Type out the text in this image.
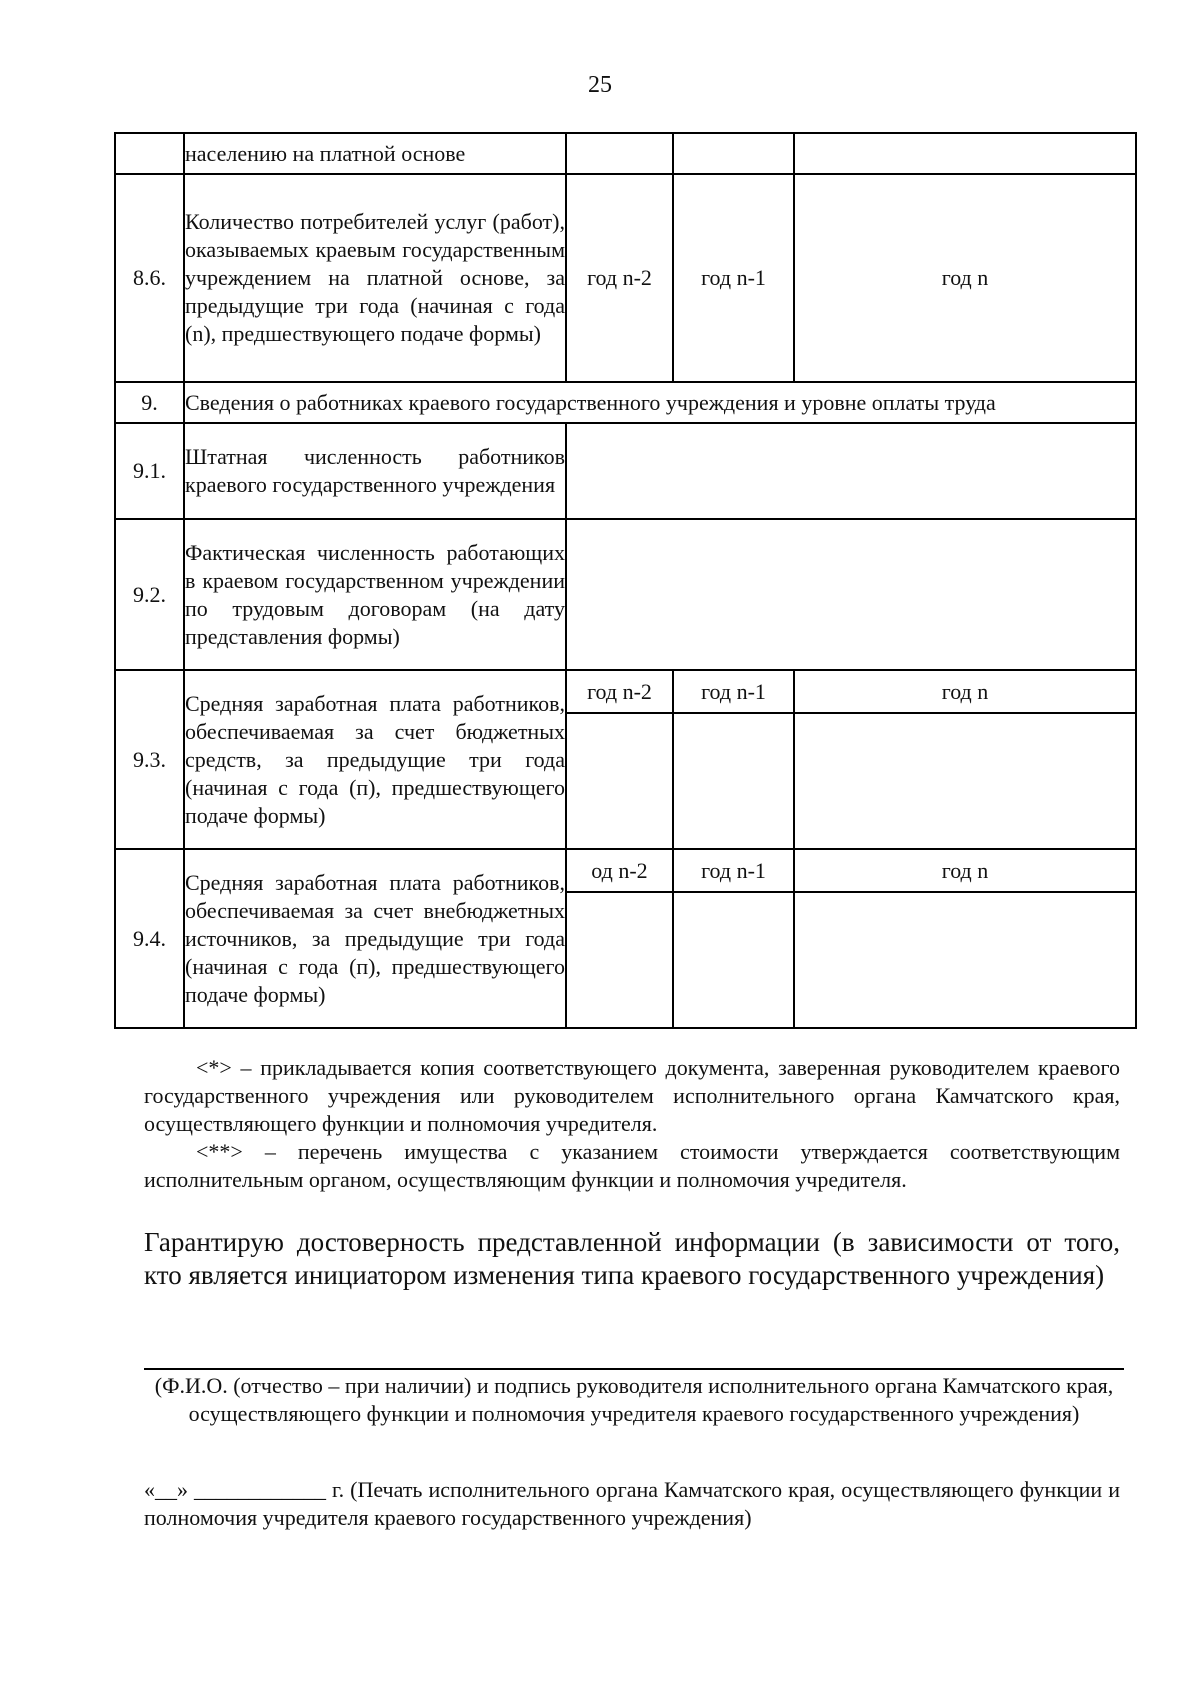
25
	населению на платной основе			
8.6.	Количество потребителей услуг (работ), оказываемых краевым государственным учреждением на платной основе, за предыдущие три года (начиная с года (n), предшествующего подаче формы)	год n-2	год n-1	год n
9.	Сведения о работниках краевого государственного учреждения и уровне оплаты труда			
9.1.	Штатная численность работников краевого государственного учреждения			
9.2.	Фактическая численность работающих в краевом государственном учреждении по трудовым договорам (на дату представления формы)			
9.3.	Средняя заработная плата работников, обеспечиваемая за счет бюджетных средств, за предыдущие три года (начиная с года (п), предшествующего подаче формы)	год n-2	год n-1	год n

9.4.	Средняя заработная плата работников, обеспечиваемая за счет внебюджетных источников, за предыдущие три года (начиная с года (п), предшествующего подаче формы)	од n-2	год n-1	год n

<*> – прикладывается копия соответствующего документа, заверенная руководителем краевого государственного учреждения или руководителем исполнительного органа Камчатского края, осуществляющего функции и полномочия учредителя.

<**> – перечень имущества с указанием стоимости утверждается соответствующим исполнительным органом, осуществляющим функции и полномочия учредителя.

Гарантирую достоверность представленной информации (в зависимости от того, кто является инициатором изменения типа краевого государственного учреждения)

(Ф.И.О. (отчество – при наличии) и подпись руководителя исполнительного органа Камчатского края, осуществляющего функции и полномочия учредителя краевого государственного учреждения)
«__» ____________ г. (Печать исполнительного органа Камчатского края, осуществляющего функции и полномочия учредителя краевого государственного учреждения)
